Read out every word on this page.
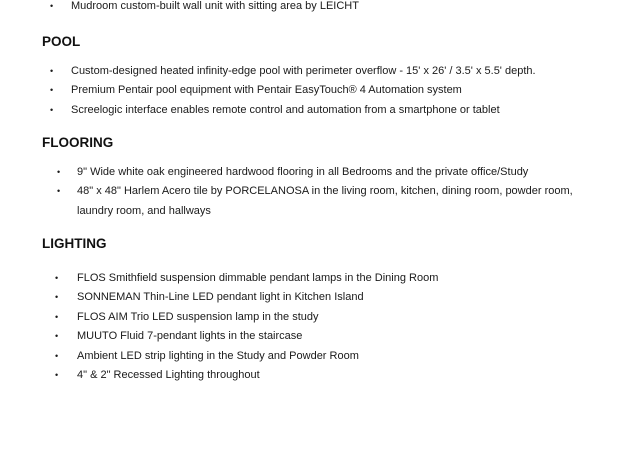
• Mudroom custom-built wall unit with sitting area by LEICHT
POOL
• Custom-designed heated infinity-edge pool with perimeter overflow - 15' x 26' / 3.5' x 5.5' depth.
• Premium Pentair pool equipment with Pentair EasyTouch® 4 Automation system
• Screelogic interface enables remote control and automation from a smartphone or tablet
FLOORING
• 9" Wide white oak engineered hardwood flooring in all Bedrooms and the private office/Study
• 48" x 48" Harlem Acero tile by PORCELANOSA in the living room, kitchen, dining room, powder room,
laundry room, and hallways
LIGHTING
• FLOS Smithfield suspension dimmable pendant lamps in the Dining Room
• SONNEMAN Thin-Line LED pendant light in Kitchen Island
• FLOS AIM Trio LED suspension lamp in the study
• MUUTO Fluid 7-pendant lights in the staircase
• Ambient LED strip lighting in the Study and Powder Room
• 4" & 2" Recessed Lighting throughout
